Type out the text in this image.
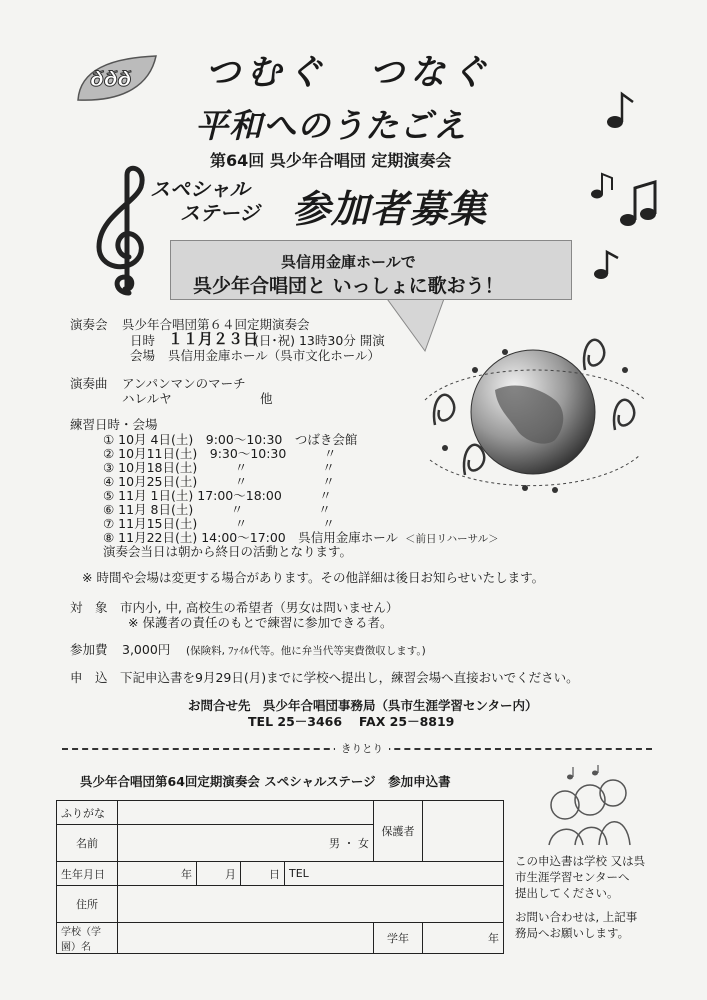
ððð つむぐ　つなぐ
平和へのうたごえ
第64回 呉少年合唱団 定期演奏会
スペシャル
ステージ 参加者募集
呉信用金庫ホールで
呉少年合唱団と いっしょに歌おう！
演奏会 呉少年合唱団第６４回定期演奏会
日時 １１月２３日
(日･祝) 13時30分 開演
会場 呉信用金庫ホール（呉市文化ホール）
演奏曲 アンパンマンのマーチ
ハレルヤ	他
練習日時・会場
① 10月 4日(土)　9:00～10:30　つばき会館
② 10月11日(土)　9:30～10:30　　　〃
③ 10月18日(土)　　　〃　　　　　　〃
④ 10月25日(土)　　　〃　　　　　　〃
⑤ 11月 1日(土) 17:00～18:00　　　〃
⑥ 11月 8日(土)　　　〃　　　　　　〃
⑦ 11月15日(土)　　　〃　　　　　　〃
⑧ 11月22日(土) 14:00～17:00　呉信用金庫ホール ＜前日リハーサル＞
演奏会当日は朝から終日の活動となります。
※ 時間や会場は変更する場合があります。その他詳細は後日お知らせいたします。
対　象 市内小, 中, 高校生の希望者（男女は問いません）
※ 保護者の責任のもとで練習に参加できる者。
参加費 3,000円 (保険料, ﾌｧｲﾙ代等。他に弁当代等実費徴収します。)
申　込 下記申込書を9月29日(月)までに学校へ提出し，練習会場へ直接おいでください。
お問合せ先　呉少年合唱団事務局（呉市生涯学習センター内）
TEL 25－3466　 FAX 25－8819
きりとり
呉少年合唱団第64回定期演奏会 スペシャルステージ　参加申込書
ふりがな					保護者	
名前	男 ・ 女					
生年月日	年	月	日	TEL		
住所						
学校（学園）名					学年	年
この申込書は学校 又は呉
市生涯学習センターへ
提出してください。
お問い合わせは, 上記事
務局へお願いします。
